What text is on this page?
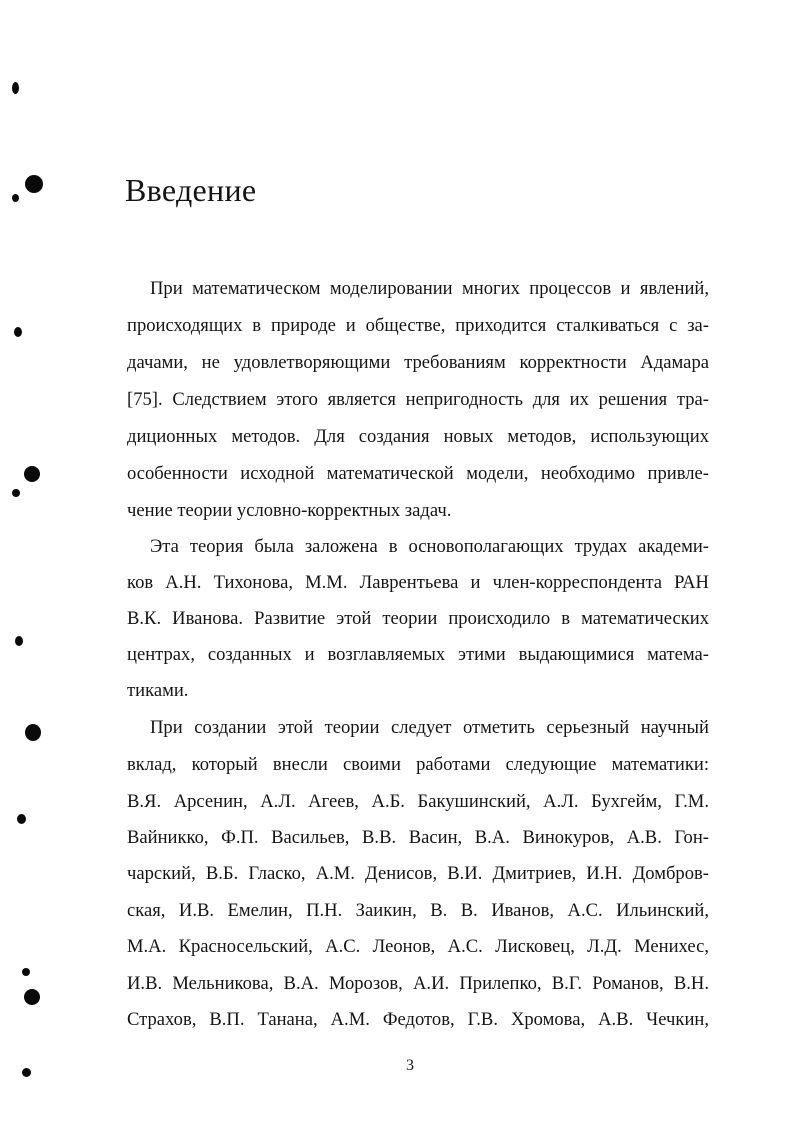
Введение

При математическом моделировании многих процессов и явлений,

происходящих в природе и обществе, приходится сталкиваться с за-

дачами, не удовлетворяющими требованиям корректности Адамара

[75]. Следствием этого является непригодность для их решения тра-

диционных методов. Для создания новых методов, использующих

особенности исходной математической модели, необходимо привле-

чение теории условно-корректных задач.

Эта теория была заложена в основополагающих трудах академи-

ков А.Н. Тихонова, М.М. Лаврентьева и член-корреспондента РАН

В.К. Иванова. Развитие этой теории происходило в математических

центрах, созданных и возглавляемых этими выдающимися матема-

тиками.

При создании этой теории следует отметить серьезный научный

вклад, который внесли своими работами следующие математики:

В.Я. Арсенин, А.Л. Агеев, А.Б. Бакушинский, А.Л. Бухгейм, Г.М.

Вайникко, Ф.П. Васильев, В.В. Васин, В.А. Винокуров, А.В. Гон-

чарский, В.Б. Гласко, А.М. Денисов, В.И. Дмитриев, И.Н. Домбров-

ская, И.В. Емелин, П.Н. Заикин, В. В. Иванов, А.С. Ильинский,

М.А. Красносельский, А.С. Леонов, А.С. Лисковец, Л.Д. Менихес,

И.В. Мельникова, В.А. Морозов, А.И. Прилепко, В.Г. Романов, В.Н.

Страхов, В.П. Танана, А.М. Федотов, Г.В. Хромова, А.В. Чечкин,

3
